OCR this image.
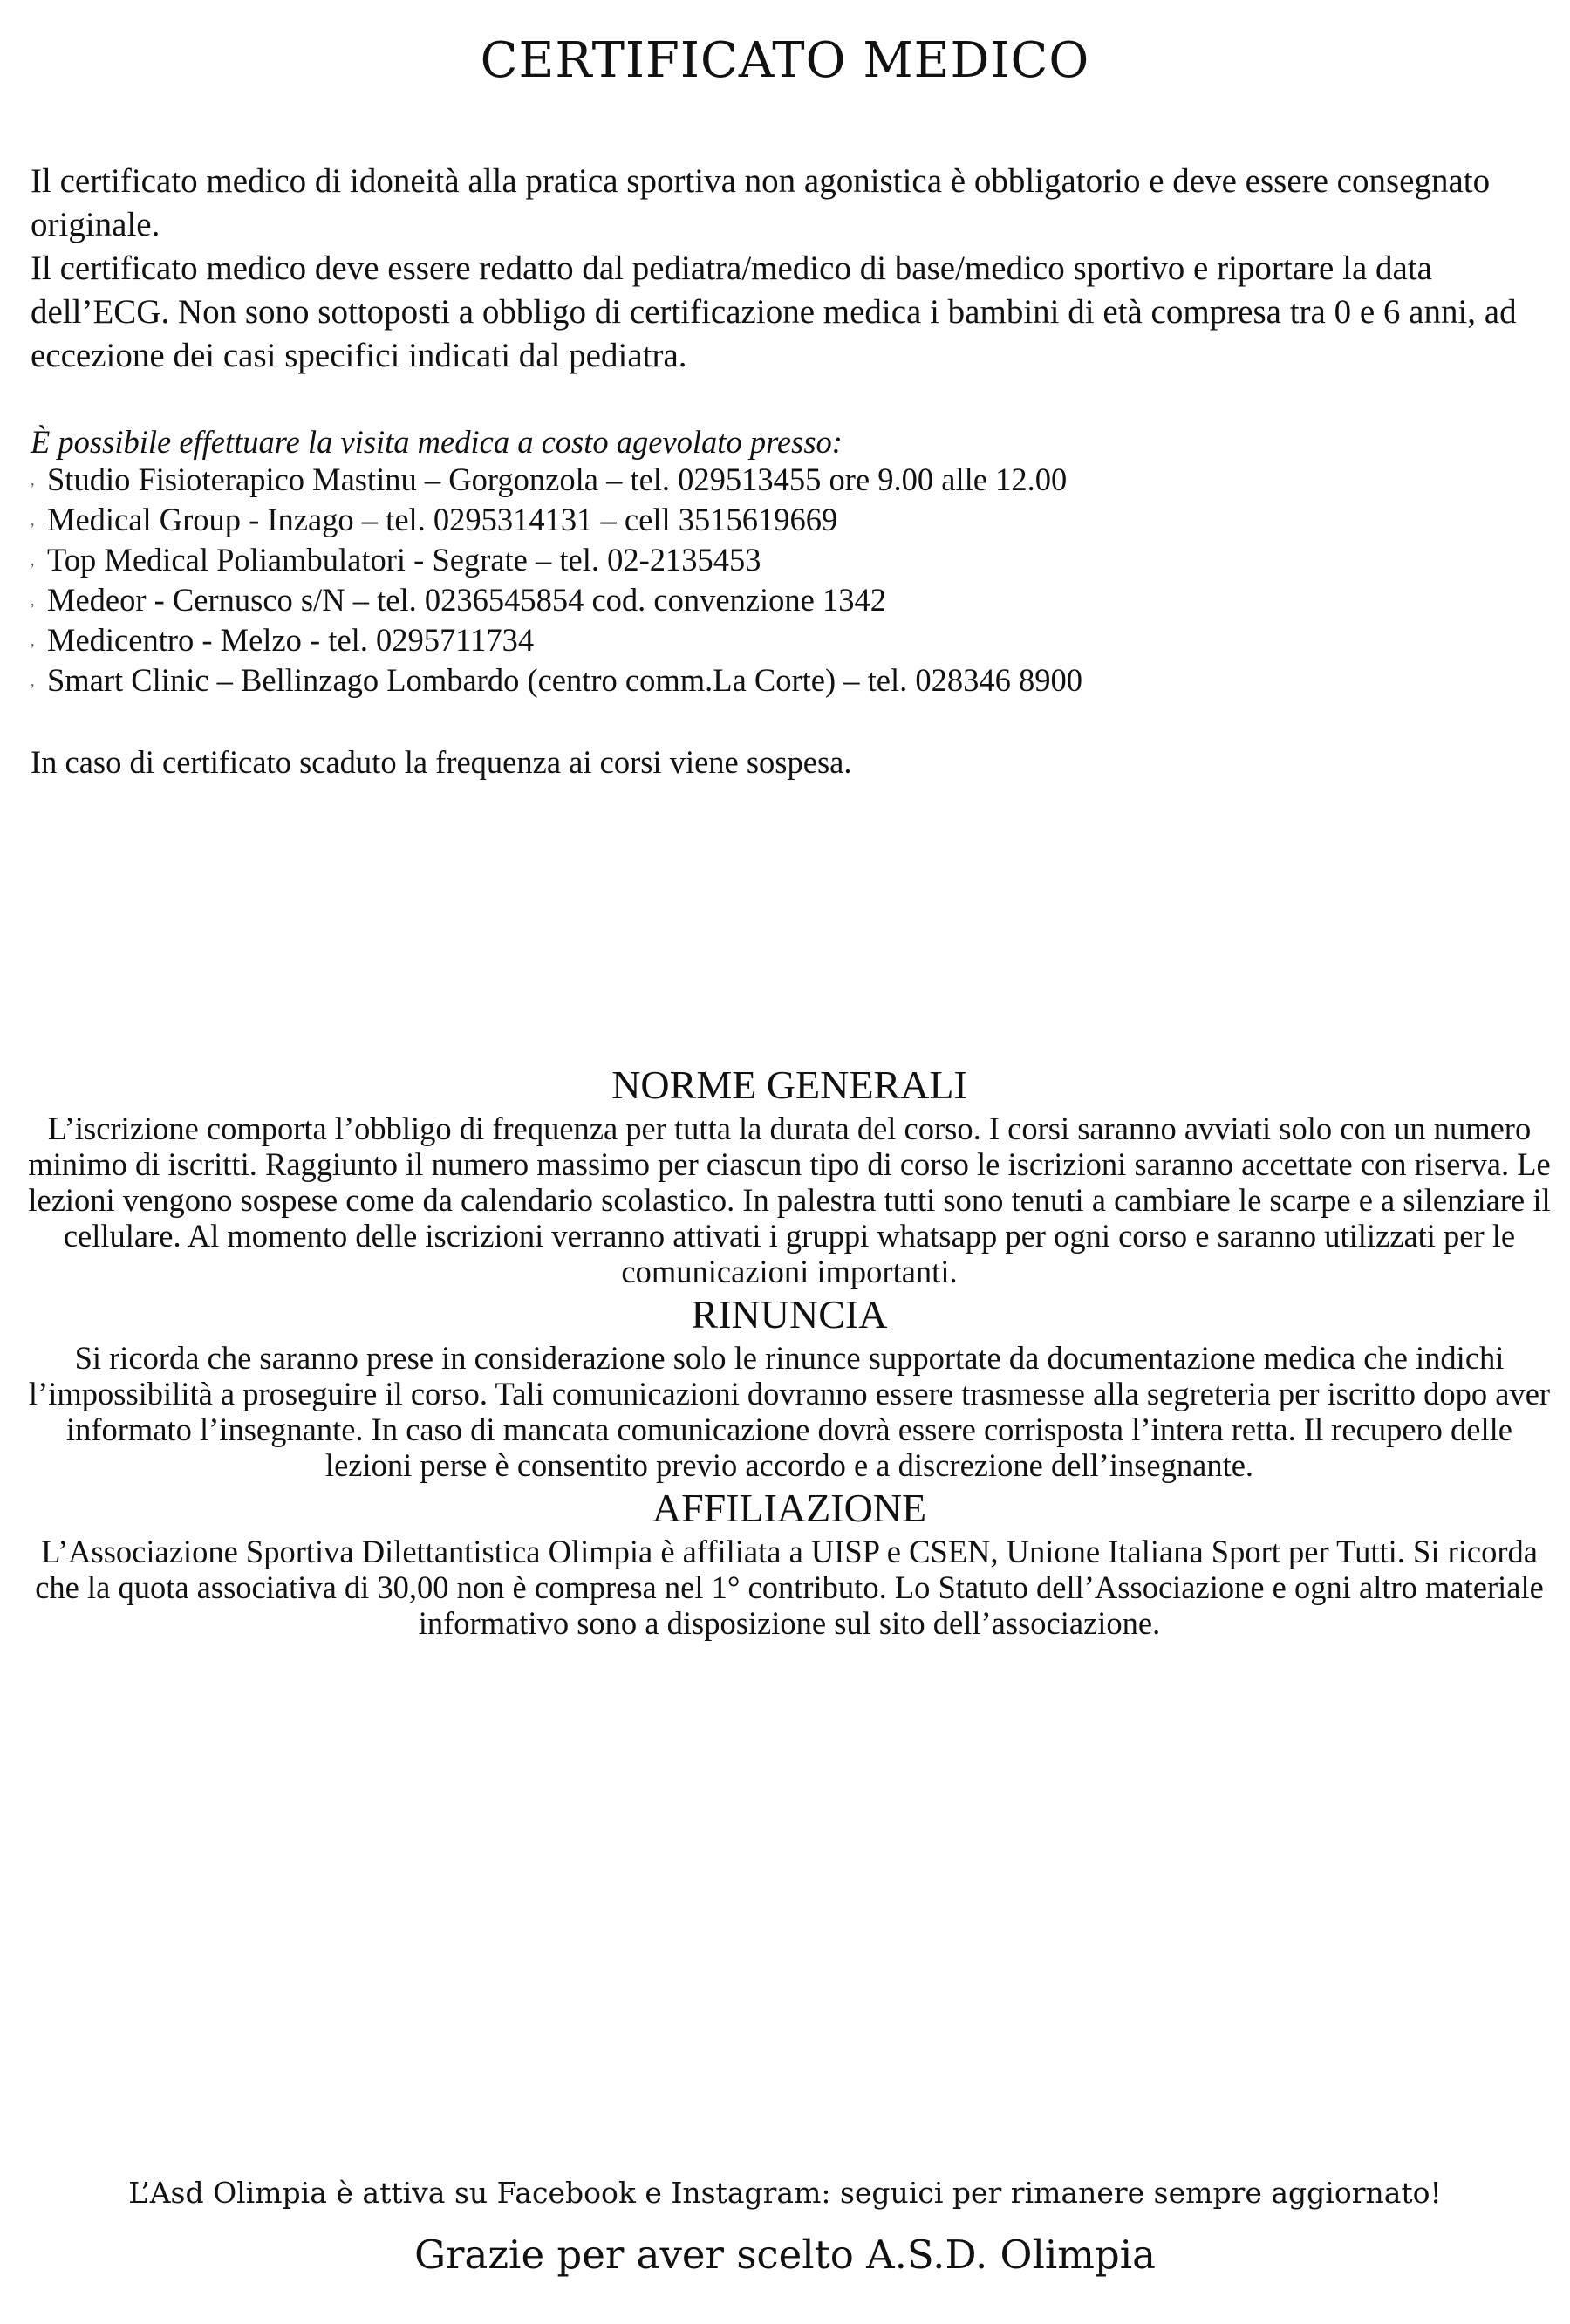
CERTIFICATO MEDICO

Il certificato medico di idoneità alla pratica sportiva non agonistica è obbligatorio e deve essere consegnato originale.

Il certificato medico deve essere redatto dal pediatra/medico di base/medico sportivo e riportare la data dell’ECG. Non sono sottoposti a obbligo di certificazione medica i bambini di età compresa tra 0 e 6 anni, ad eccezione dei casi specifici indicati dal pediatra.

È possibile effettuare la visita medica a costo agevolato presso:
, Studio Fisioterapico Mastinu – Gorgonzola – tel. 029513455 ore 9.00 alle 12.00
, Medical Group - Inzago – tel. 0295314131 – cell 3515619669
, Top Medical Poliambulatori - Segrate – tel. 02-2135453
, Medeor - Cernusco s/N – tel. 0236545854 cod. convenzione 1342
, Medicentro - Melzo - tel. 0295711734
, Smart Clinic – Bellinzago Lombardo (centro comm.La Corte) – tel. 028346 8900
In caso di certificato scaduto la frequenza ai corsi viene sospesa.
NORME GENERALI

L’iscrizione comporta l’obbligo di frequenza per tutta la durata del corso. I corsi saranno avviati solo con un numero minimo di iscritti. Raggiunto il numero massimo per ciascun tipo di corso le iscrizioni saranno accettate con riserva. Le lezioni vengono sospese come da calendario scolastico. In palestra tutti sono tenuti a cambiare le scarpe e a silenziare il cellulare. Al momento delle iscrizioni verranno attivati i gruppi whatsapp per ogni corso e saranno utilizzati per le comunicazioni importanti.

RINUNCIA

Si ricorda che saranno prese in considerazione solo le rinunce supportate da documentazione medica che indichi l’impossibilità a proseguire il corso. Tali comunicazioni dovranno essere trasmesse alla segreteria per iscritto dopo aver informato l’insegnante. In caso di mancata comunicazione dovrà essere corrisposta l’intera retta. Il recupero delle lezioni perse è consentito previo accordo e a discrezione dell’insegnante.

AFFILIAZIONE

L’Associazione Sportiva Dilettantistica Olimpia è affiliata a UISP e CSEN, Unione Italiana Sport per Tutti. Si ricorda che la quota associativa di 30,00 non è compresa nel 1° contributo. Lo Statuto dell’Associazione e ogni altro materiale informativo sono a disposizione sul sito dell’associazione.

L’Asd Olimpia è attiva su Facebook e Instagram: seguici per rimanere sempre aggiornato!
Grazie per aver scelto A.S.D. Olimpia
